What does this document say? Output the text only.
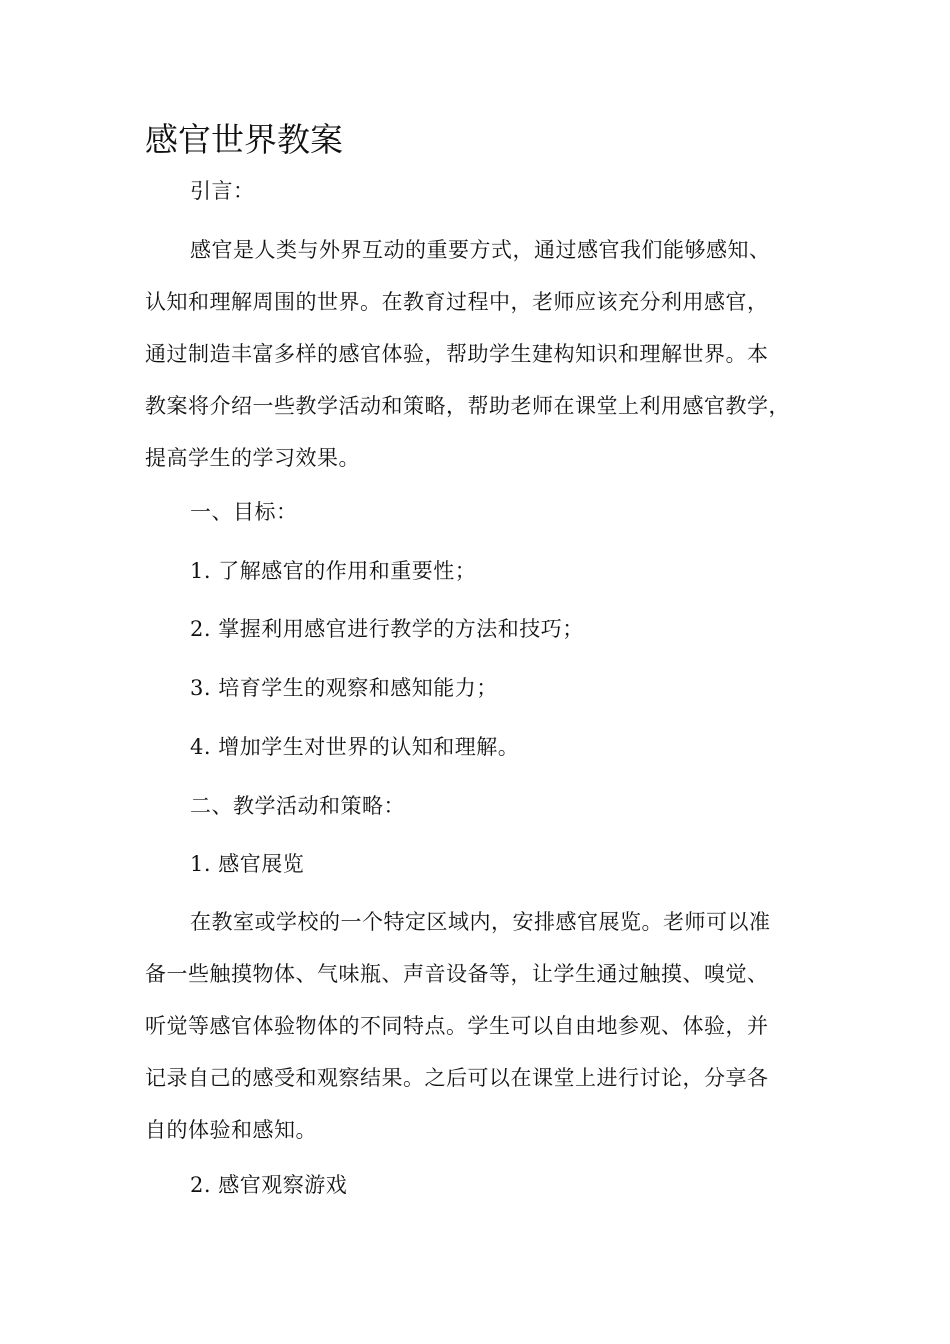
感官世界教案

引言：

感官是人类与外界互动的重要方式，通过感官我们能够感知、
认知和理解周围的世界。在教育过程中，老师应该充分利用感官，
通过制造丰富多样的感官体验，帮助学生建构知识和理解世界。本
教案将介绍一些教学活动和策略，帮助老师在课堂上利用感官教学，
提高学生的学习效果。

一、目标：

1. 了解感官的作用和重要性；

2. 掌握利用感官进行教学的方法和技巧；

3. 培育学生的观察和感知能力；

4. 增加学生对世界的认知和理解。

二、教学活动和策略：

1. 感官展览

在教室或学校的一个特定区域内，安排感官展览。老师可以准
备一些触摸物体、气味瓶、声音设备等，让学生通过触摸、嗅觉、
听觉等感官体验物体的不同特点。学生可以自由地参观、体验，并
记录自己的感受和观察结果。之后可以在课堂上进行讨论，分享各
自的体验和感知。

2. 感官观察游戏
